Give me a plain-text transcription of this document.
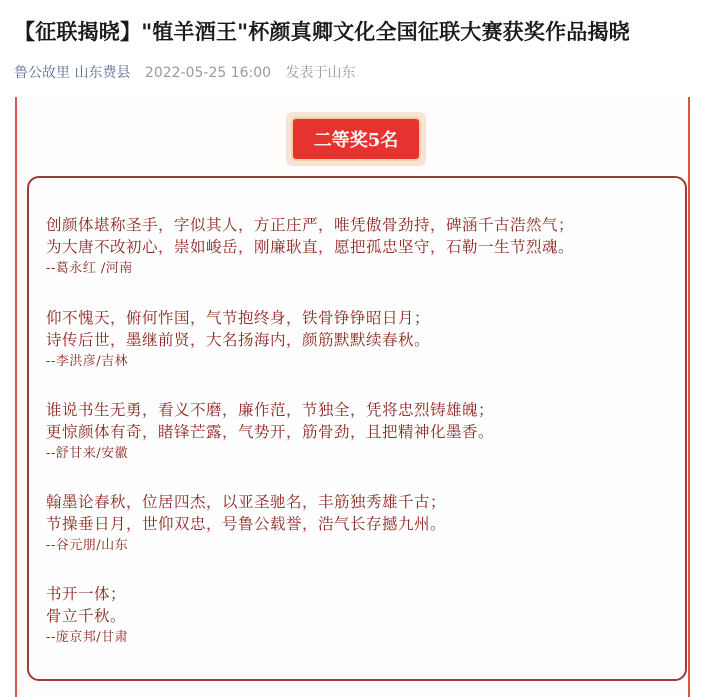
【征联揭晓】"犆羊酒王"杯颜真卿文化全国征联大赛获奖作品揭晓
鲁公故里 山东费县 2022-05-25 16:00 发表于山东
二等奖5名
创颜体堪称圣手，字似其人，方正庄严，唯凭傲骨劲持，碑涵千古浩然气；
为大唐不改初心，崇如峻岳，刚廉耿直，愿把孤忠坚守，石勒一生节烈魂。
--葛永红 /河南
仰不愧天，俯何怍国，气节抱终身，铁骨铮铮昭日月；
诗传后世，墨继前贤，大名扬海内，颜筋默默续春秋。
--李洪彦/吉林
谁说书生无勇，看义不磨，廉作范，节独全，凭将忠烈铸雄魄；
更惊颜体有奇，睹锋芒露，气势开，筋骨劲，且把精神化墨香。
--舒甘来/安徽
翰墨论春秋，位居四杰，以亚圣驰名，丰筋独秀雄千古；
节操垂日月，世仰双忠，号鲁公载誉，浩气长存撼九州。
--谷元朋/山东
书开一体；
骨立千秋。
--庞京邦/甘肃
